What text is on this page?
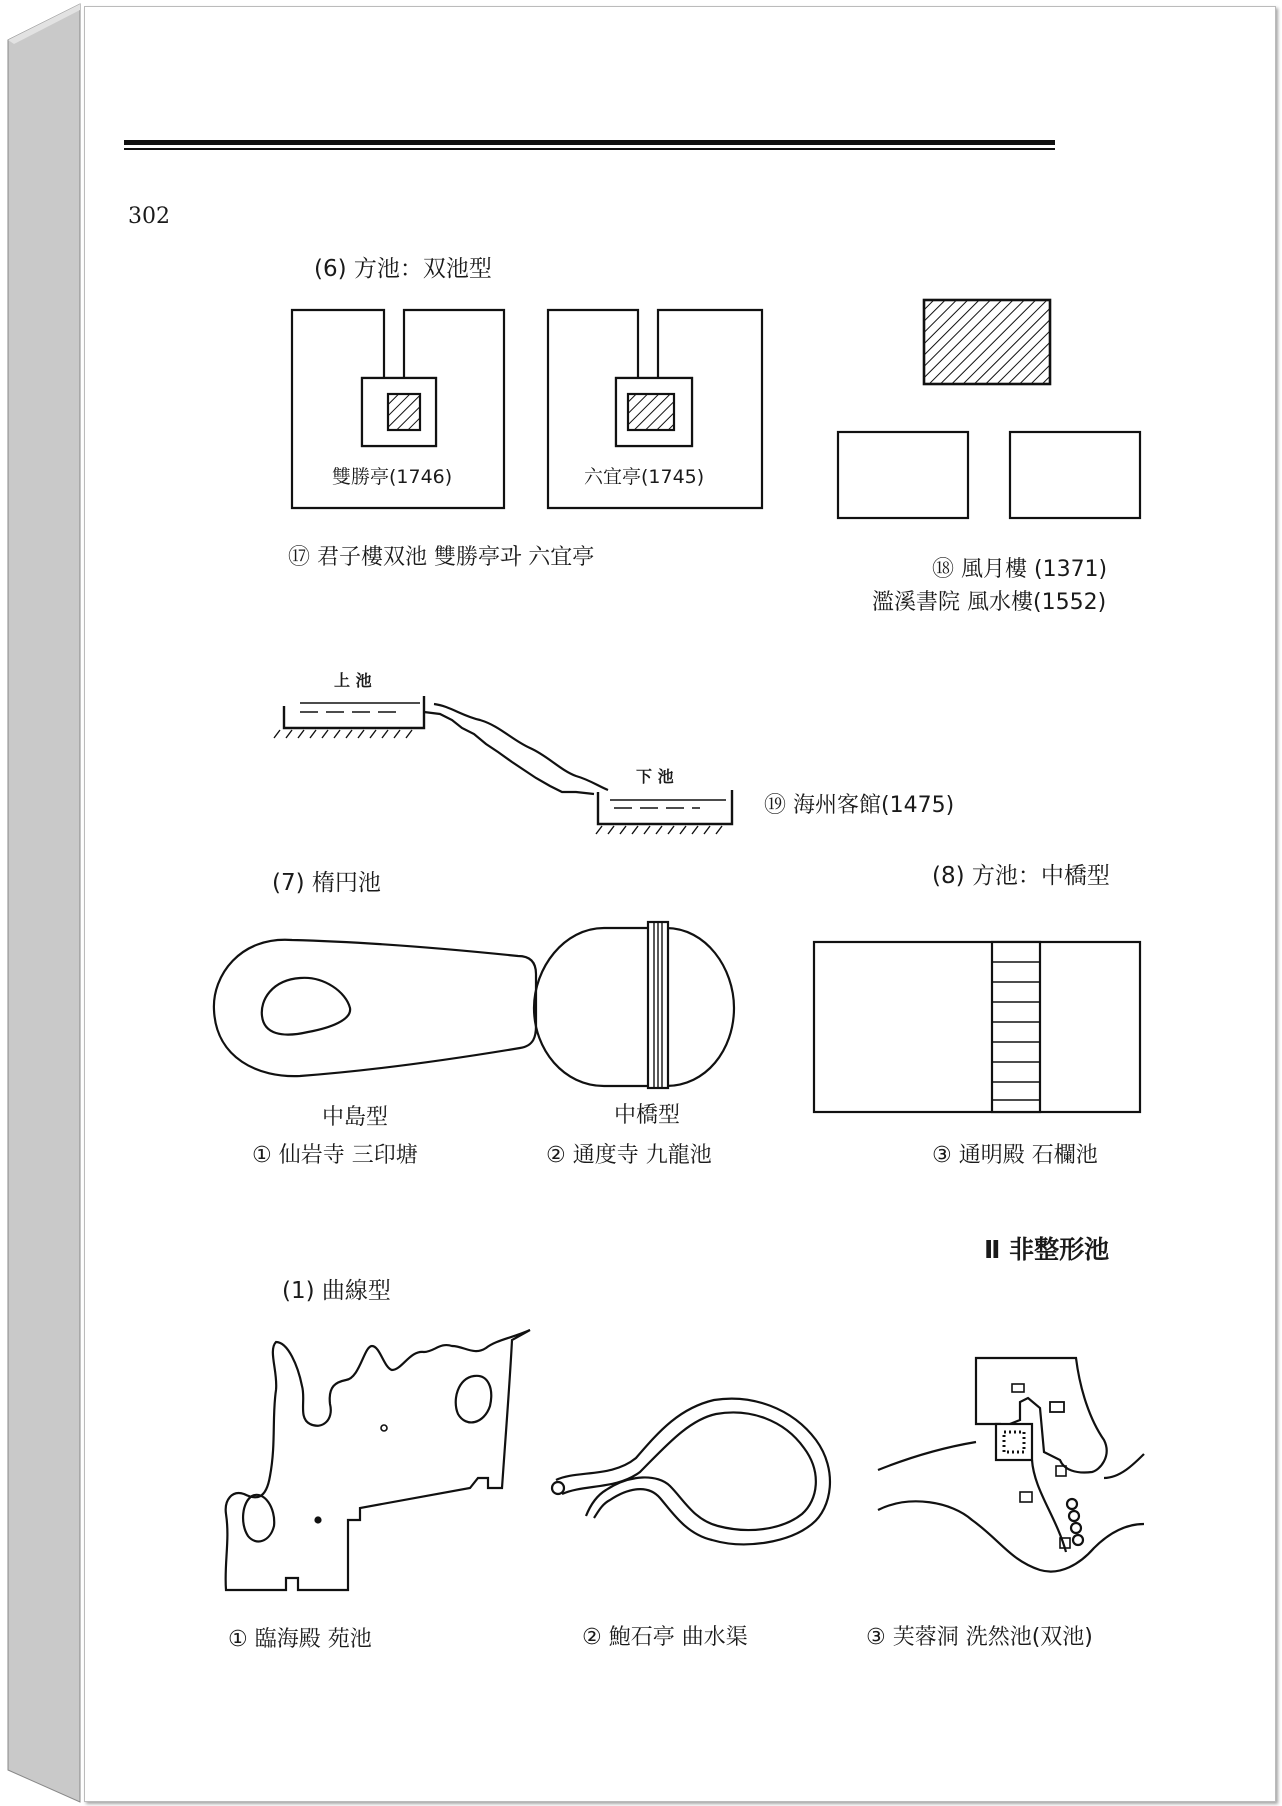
302
(6) 方池：双池型
(7) 楕円池	(8) 方池：中橋型
Ⅱ 非整形池
(1) 曲線型
雙勝亭(1746)	六宜亭(1745)
⑰ 君子樓双池 雙勝亭과 六宜亭	⑱ 風月樓 (1371)
濫溪書院 風水樓(1552)
上 池
下 池
⑲ 海州客館(1475)
中島型	中橋型
① 仙岩寺 三印塘	② 通度寺 九龍池	③ 通明殿 石欄池
① 臨海殿 苑池	② 鮑石亭 曲水渠	③ 芙蓉洞 洗然池(双池)
